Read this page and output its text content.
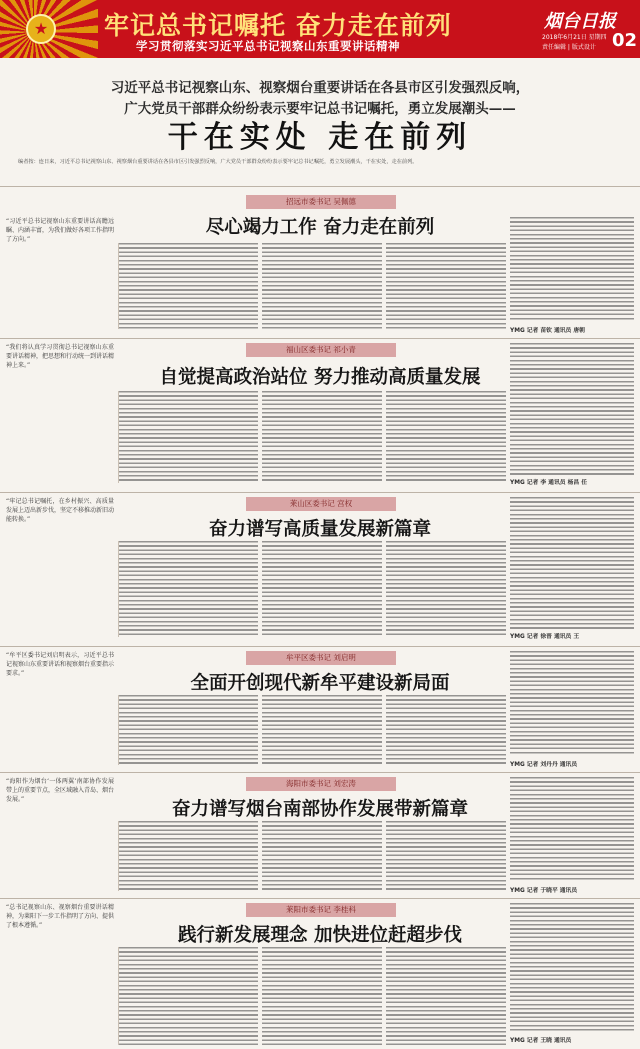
★	牢记总书记嘱托 奋力走在前列
学习贯彻落实习近平总书记视察山东重要讲话精神
烟台日报
2018年6月21日 星期四
责任编辑 | 版式设计 02
习近平总书记视察山东、视察烟台重要讲话在各县市区引发强烈反响，
广大党员干部群众纷纷表示要牢记总书记嘱托，勇立发展潮头——
干在实处 走在前列
编者按：连日来，习近平总书记视察山东、视察烟台重要讲话在各县市区引发强烈反响，广大党员干部群众纷纷表示要牢记总书记嘱托，勇立发展潮头，干在实处，走在前列。
招远市委书记 吴佩德
尽心竭力工作 奋力走在前列
“习近平总书记视察山东重要讲话高瞻远瞩、内涵丰富，为我们做好各项工作指明了方向。”
YMG 记者 苗钦 通讯员 唐朝
福山区委书记 祁小青
自觉提高政治站位 努力推动高质量发展
“我们将认真学习贯彻总书记视察山东重要讲话精神，把思想和行动统一到讲话精神上来。”
YMG 记者 李 通讯员 杨昌 任
莱山区委书记 宫权
奋力谱写高质量发展新篇章
“牢记总书记嘱托，在乡村振兴、高质量发展上迈出新步伐，坚定不移推动新旧动能转换。”
YMG 记者 徐晋 通讯员 王
牟平区委书记 刘启明
全面开创现代新牟平建设新局面
“牟平区委书记刘启明表示，习近平总书记视察山东重要讲话和视察烟台重要指示要求。”
YMG 记者 刘丹丹 通讯员
海阳市委书记 刘宏涛
奋力谱写烟台南部协作发展带新篇章
“海阳作为烟台‘一体两翼’南部协作发展带上的重要节点，全区域融入青岛、烟台发展。”
YMG 记者 于晓平 通讯员
莱阳市委书记 李桂科
践行新发展理念 加快进位赶超步伐
“总书记视察山东、视察烟台重要讲话精神，为莱阳下一步工作指明了方向、提供了根本遵循。”
YMG 记者 王晓 通讯员
